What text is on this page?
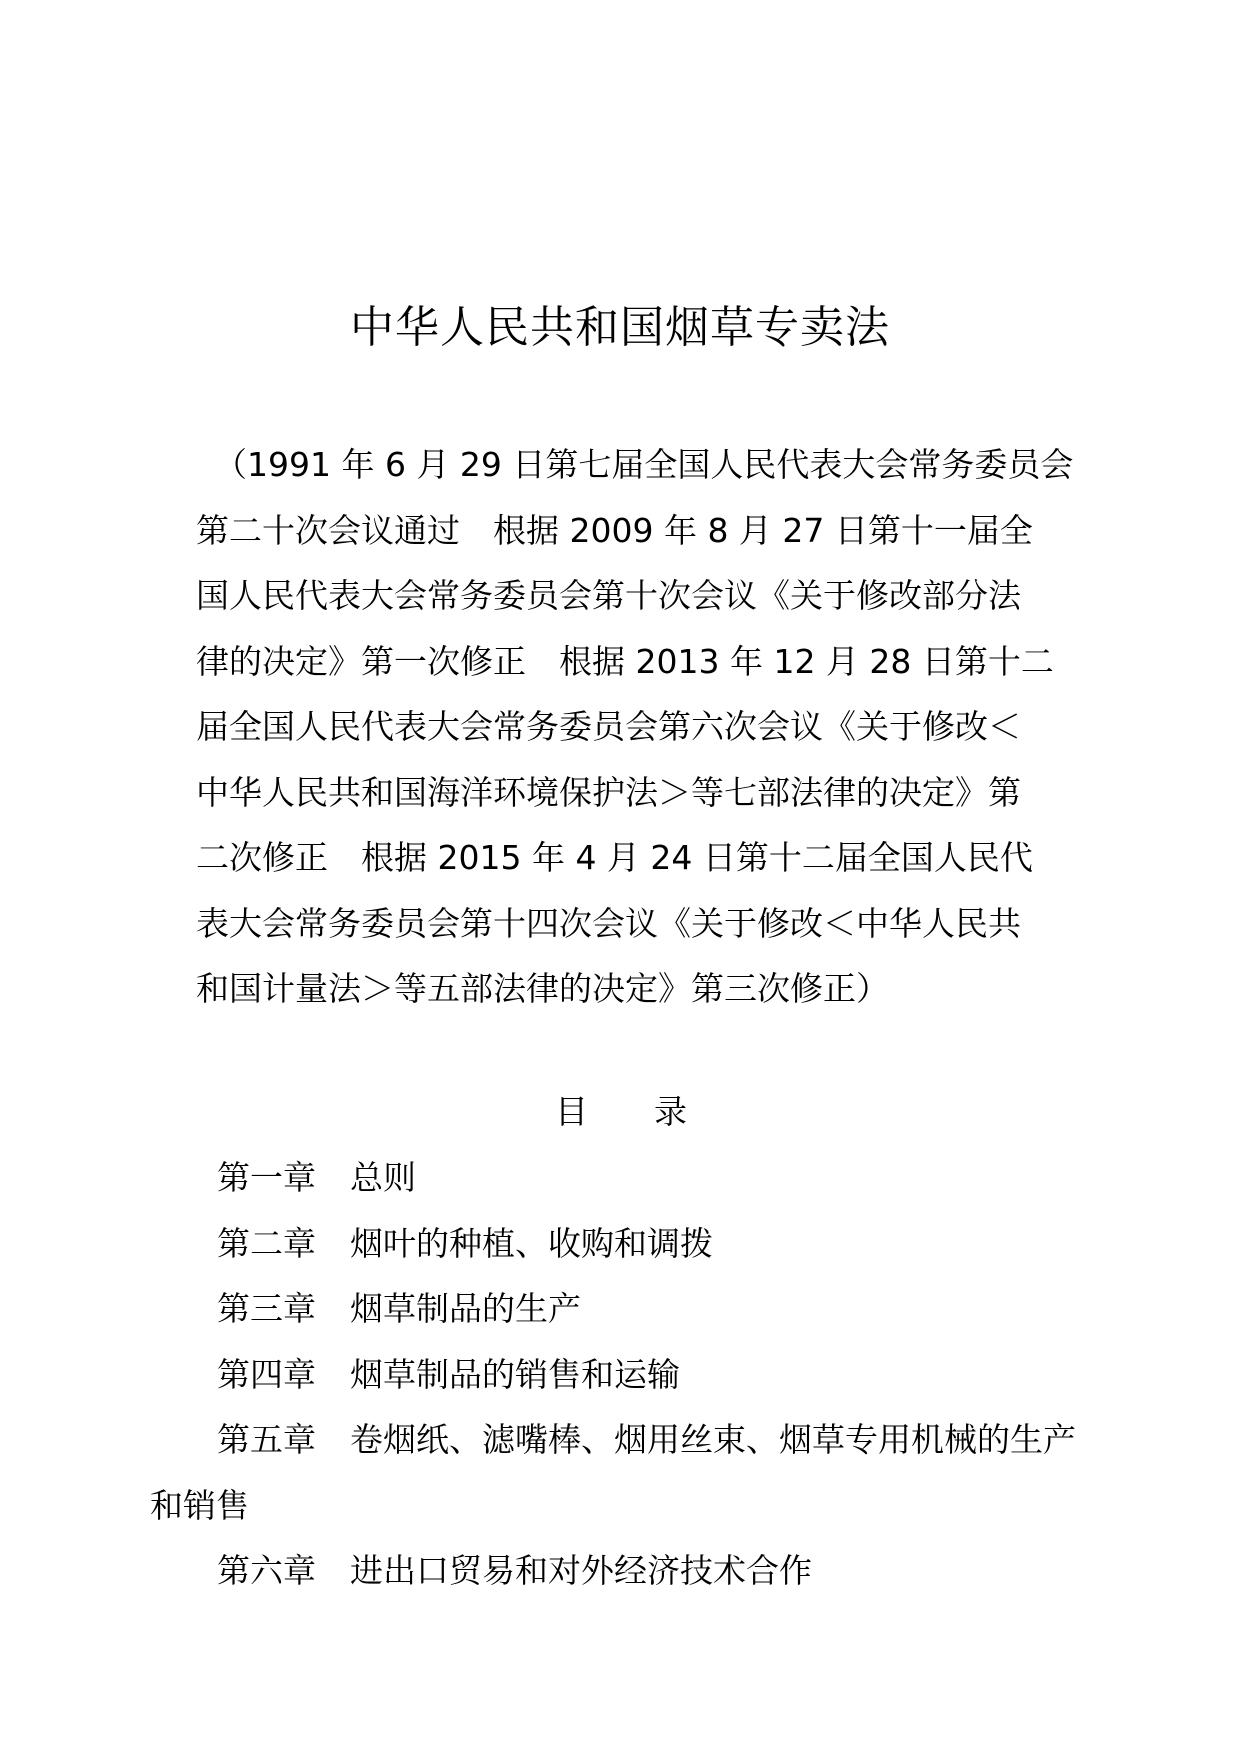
中华人民共和国烟草专卖法
（1991 年 6 月 29 日第七届全国人民代表大会常务委员会
第二十次会议通过　根据 2009 年 8 月 27 日第十一届全
国人民代表大会常务委员会第十次会议《关于修改部分法
律的决定》第一次修正　根据 2013 年 12 月 28 日第十二
届全国人民代表大会常务委员会第六次会议《关于修改＜
中华人民共和国海洋环境保护法＞等七部法律的决定》第
二次修正　根据 2015 年 4 月 24 日第十二届全国人民代
表大会常务委员会第十四次会议《关于修改＜中华人民共
和国计量法＞等五部法律的决定》第三次修正）
目 录
第一章 总则
第二章 烟叶的种植、收购和调拨
第三章 烟草制品的生产
第四章 烟草制品的销售和运输
第五章 卷烟纸、滤嘴棒、烟用丝束、烟草专用机械的生产
和销售
第六章 进出口贸易和对外经济技术合作
